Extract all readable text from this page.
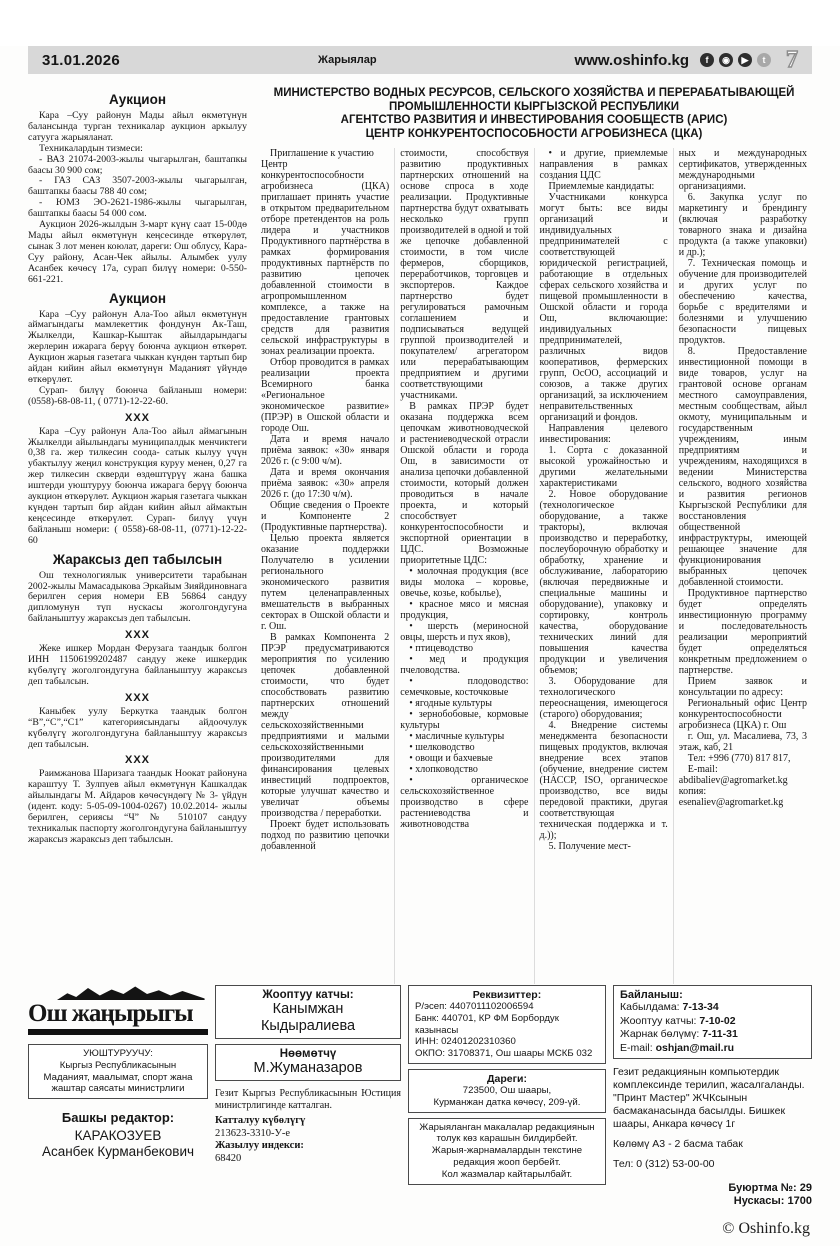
31.01.2026	Жарыялар	www.oshinfo.kg	f	◉	▶	t 7
Аукцион
Кара –Суу районун Мады айыл өкмөтүнүн балансында турган техникалар аукцион аркылуу сатууга жарыяланат.
Техникалардын тизмеси:
- ВАЗ 21074-2003-жылы чыгарылган, баштапкы баасы 30 900 сом;
- ГАЗ САЗ 3507-2003-жылы чыгарылган, баштапкы баасы 788 40 сом;
- ЮМЗ ЭО-2621-1986-жылы чыгарылган, баштапкы баасы 54 000 сом.
Аукцион 2026-жылдын 3-март күнү саат 15-00дө Мады айыл өкмөтүнүн кеңсесинде өткөрүлөт, сынак 3 лот менен коюлат, дареги: Ош облусу, Кара-Суу району, Асан-Чек айылы. Алымбек уулу Асанбек көчөсү 17а, сурап билүү номери: 0-550-661-221.
Аукцион
Кара –Суу районун Ала-Тоо айыл өкмөтүнүн аймагындагы мамлекеттик фондунун Ак-Таш, Жылкелди, Кашкар-Кыштак айылдарындагы жерлерин ижарага берүү боюнча аукцион өткөрөт. Аукцион жарыя газетага чыккан күндөн тартып бир айдан кийин айыл өкмөтүнүн Маданият үйүндө өткөрүлөт.
Сурап- билүү боюнча байланыш номери: (0558)-68-08-11, ( 0771)-12-22-60.
ХХХ
Кара –Суу районун Ала-Тоо айыл аймагынын Жылкелди айылындагы муниципалдык менчиктеги 0,38 га. жер тилкесин соода- сатык кылуу үчүн убактылуу жеңил конструкция куруу менен, 0,27 га жер тилкесин скверди өздөштүрүү жана башка иштерди уюштуруу боюнча ижарага берүү боюнча аукцион өткөрүлөт. Аукцион жарыя газетага чыккан күндөн тартып бир айдан кийин айыл аймактын кеңсесинде өткөрүлөт. Сурап- билүү үчүн байланыш номери: ( 0558)-68-08-11, (0771)-12-22-60
Жараксыз деп табылсын
Ош технологиялык университети тарабынан 2002-жылы Мамасадыкова Эркайым Зияйдиновнага берилген серия номери ЕВ 56864 сандуу дипломунун түп нускасы жоголгондугуна байланыштуу жараксыз деп табылсын.
ХХХ
Жеке ишкер Мордан Ферузага таандык болгон ИНН 11506199202487 сандуу жеке ишкердик күбөлүгү жоголгондугуна байланыштуу жараксыз деп табылсын.
ХХХ
Каныбек уулу Беркутка таандык болгон “В”,“С”,“С1” категориясындагы айдоочулук күбөлүгү жоголгондугуна байланыштуу жараксыз деп табылсын.
ХХХ
Раимжанова Шаризага таандык Ноокат районуна караштуу Т. Зулпуев айыл өкмөтүнүн Кашкалдак айылындагы М. Айдаров көчөсүндөгү № 3- үйдүн (идент. коду: 5-05-09-1004-0267) 10.02.2014- жылы берилген, сериясы “Ч” № 510107 сандуу техникалык паспорту жоголгондугуна байланыштуу жараксыз жараксыз деп табылсын.
МИНИСТЕРСТВО ВОДНЫХ РЕСУРСОВ, СЕЛЬСКОГО ХОЗЯЙСТВА И ПЕРЕРАБАТЫВАЮЩЕЙ
ПРОМЫШЛЕННОСТИ КЫРГЫЗСКОЙ РЕСПУБЛИКИ
АГЕНТСТВО РАЗВИТИЯ И ИНВЕСТИРОВАНИЯ СООБЩЕСТВ (АРИС)
ЦЕНТР КОНКУРЕНТОСПОСОБНОСТИ АГРОБИЗНЕСА (ЦКА)
Приглашение к участию
Центр конкурентоспособности агробизнеса (ЦКА) приглашает принять участие в открытом предварительном отборе претендентов на роль лидера и участников Продуктивного партнёрства в рамках формирования продуктивных партнёрств по развитию цепочек добавленной стоимости в агропромышленном комплексе, а также на предоставление грантовых средств для развития сельской инфраструктуры в зонах реализации проекта.
Отбор проводится в рамках реализации проекта Всемирного банка «Региональное экономическое развитие» (ПРЭР) в Ошской области и городе Ош.
Дата и время начало приёма заявок: «30» января 2026 г. (с 9:00 ч/м).
Дата и время окончания приёма заявок: «30» апреля 2026 г. (до 17:30 ч/м).
Общие сведения о Проекте и Компоненте 2 (Продуктивные партнерства).
Целью проекта является оказание поддержки Получателю в усилении регионального экономического развития путем целенаправленных вмешательств в выбранных секторах в Ошской области и г. Ош.
В рамках Компонента 2 ПРЭР предусматриваются мероприятия по усилению цепочек добавленной стоимости, что будет способствовать развитию партнерских отношений между сельскохозяйственными предприятиями и малыми сельскохозяйственными производителями для финансирования целевых инвестиций подпроектов, которые улучшат качество и увеличат объемы производства / переработки.
Проект будет использовать подход по развитию цепочки добавленной
стоимости, способствуя развитию продуктивных партнерских отношений на основе спроса в ходе реализации. Продуктивные партнерства будут охватывать несколько групп производителей в одной и той же цепочке добавленной стоимости, в том числе фермеров, сборщиков, переработчиков, торговцев и экспортеров. Каждое партнерство будет регулироваться рамочным соглашением и подписываться ведущей группой производителей и покупателем/ агрегатором или перерабатывающим предприятием и другими соответствующими участниками.
В рамках ПРЭР будет оказана поддержка всем цепочкам животноводческой и растениеводческой отрасли Ошской области и города Ош, в зависимости от анализа цепочки добавленной стоимости, который должен проводиться в начале проекта, и который способствует конкурентоспособности и экспортной ориентации в ЦДС. Возможные приоритетные ЦДС:
• молочная продукция (все виды молока – коровье, овечье, козье, кобылье),
• красное мясо и мясная продукция,
• шерсть (мериносной овцы, шерсть и пух яков),
• птицеводство
• мед и продукция пчеловодства.
• плодоводство: семечковые, косточковые
• ягодные культуры
• зернобобовые, кормовые культуры
• масличные культуры
• шелководство
• овощи и бахчевые
• хлопководство
• органическое сельскохозяйственное производство в сфере растениеводства и животноводства
• и другие, приемлемые направления в рамках создания ЦДС
Приемлемые кандидаты:
Участниками конкурса могут быть: все виды организаций и индивидуальных предпринимателей с соответствующей юридической регистрацией, работающие в отдельных сферах сельского хозяйства и пищевой промышленности в Ошской области и города Ош, включающие: индивидуальных предпринимателей, различных видов кооперативов, фермерских групп, ОсОО, ассоциаций и союзов, а также других организаций, за исключением неправительственных организаций и фондов.
Направления целевого инвестирования:
1. Сорта с доказанной высокой урожайностью и другими желательными характеристиками
2. Новое оборудование (технологическое оборудование, а также тракторы), включая производство и переработку, послеуборочную обработку и обработку, хранение и обслуживание, лабораторию (включая передвижные и специальные машины и оборудование), упаковку и сортировку, контроль качества, оборудование технических линий для повышения качества продукции и увеличения объемов;
3. Оборудование для технологического переоснащения, имеющегося (старого) оборудования;
4. Внедрение системы менеджмента безопасности пищевых продуктов, включая внедрение всех этапов (обучение, внедрение систем (НАССР, ISO, органическое производство, все виды передовой практики, другая соответствующая техническая поддержка и т. д.));
5. Получение мест-
ных и международных сертификатов, утвержденных международными организациями.
6. Закупка услуг по маркетингу и брендингу (включая разработку товарного знака и дизайна продукта (а также упаковки) и др.);
7. Техническая помощь и обучение для производителей и других услуг по обеспечению качества, борьбе с вредителями и болезнями и улучшению безопасности пищевых продуктов.
8. Предоставление инвестиционной помощи в виде товаров, услуг на грантовой основе органам местного самоуправления, местным сообществам, айыл окмоту, муниципальным и государственным учреждениям, иным предприятиям и учреждениям, находящихся в ведении Министерства сельского, водного хозяйства и развития регионов Кыргызской Республики для восстановления общественной инфраструктуры, имеющей решающее значение для функционирования выбранных цепочек добавленной стоимости.
Продуктивное партнерство будет определять инвестиционную программу и последовательность реализации мероприятий будет определяться конкретным предложением о партнерстве.
Прием заявок и консультации по адресу:
Региональный офис Центр конкурентоспособности агробизнеса (ЦКА) г. Ош
г. Ош, ул. Масалиева, 73, 3 этаж, каб, 21
Тел: +996 (770) 817 817,
E-mail: abdibaliev@agromarket.kg копия: esenaliev@agromarket.kg
Ош жаңырыгы
УЮШТУРУУЧУ:
Кыргыз Республикасынын
Маданият, маалымат, спорт жана
жаштар саясаты министрлиги
Башкы редактор:
КАРАКОЗУЕВ
Асанбек Курманбекович
Жооптуу катчы:
Канымжан
Кыдыралиева
Нөөмөтчү
М.Жуманазаров
Гезит Кыргыз Республикасынын Юстиция министрлигинде катталган.
Катталуу күбөлүгү
213623-3310-У-е
Жазылуу индекси:
68420
Реквизиттер:
Р/эсеп: 4407011102006594
Банк: 440701, КР ФМ Борбордук казынасы
ИНН: 02401202310360
ОКПО: 31708371, Ош шаары МСКБ 032
Дареги:
723500, Ош шаары,
Курманжан датка көчөсү, 209-үй.
Жарыяланган макалалар редакциянын
толук көз карашын билдирбейт.
Жарыя-жарнамалардын текстине
редакция жооп бербейт.
Кол жазмалар кайтарылбайт.
Байланыш:
Кабылдама: 7-13-34
Жооптуу катчы: 7-10-02
Жарнак бөлүмү: 7-11-31
E-mail: oshjan@mail.ru
Гезит редакциянын компьютердик комплексинде терилип, жасалгаланды. "Принт Мастер" ЖЧКсынын басмаканасында басылды. Бишкек шаары, Анкара көчөсү 1г
Көлөмү А3 - 2 басма табак
Тел: 0 (312) 53-00-00
Буюртма №: 29
Нускасы: 1700
© Oshinfo.kg
